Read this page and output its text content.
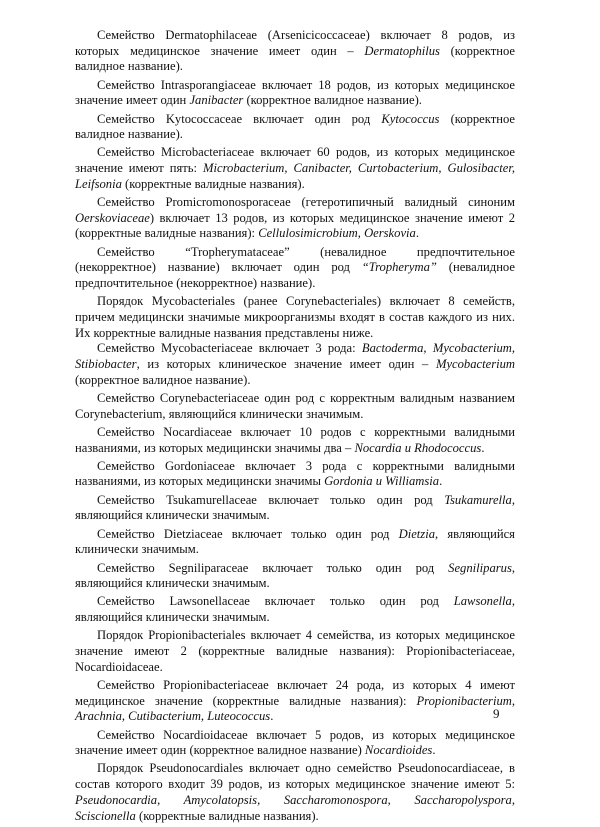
Семейство Dermatophilaceae (Arsenicicoccaceae) включает 8 родов, из которых медицинское значение имеет один – Dermatophilus (корректное валидное название).

Семейство Intrasporangiaceae включает 18 родов, из которых медицинское значение имеет один Janibacter (корректное валидное название).

Семейство Kytococcaceae включает один род Kytococcus (корректное валидное название).

Семейство Microbacteriaceae включает 60 родов, из которых медицинское значение имеют пять: Microbacterium, Canibacter, Curtobacterium, Gulosibacter, Leifsonia (корректные валидные названия).

Семейство Promicromonosporaceae (гетеротипичный валидный синоним Oerskoviaceae) включает 13 родов, из которых медицинское значение имеют 2 (корректные валидные названия): Cellulosimicrobium, Oerskovia.

Семейство “Tropherymataceae” (невалидное предпочтительное (некорректное) название) включает один род “Tropheryma” (невалидное предпочтительное (некорректное) название).

Порядок Mycobacteriales (ранее Corynebacteriales) включает 8 семейств, причем медицински значимые микроорганизмы входят в состав каждого из них. Их корректные валидные названия представлены ниже.

Семейство Mycobacteriaceae включает 3 рода: Bactoderma, Mycobacterium, Stibiobacter, из которых клиническое значение имеет один – Mycobacterium (корректное валидное название).

Семейство Corynebacteriaceae один род с корректным валидным названием Corynebacterium, являющийся клинически значимым.

Семейство Nocardiaceae включает 10 родов с корректными валидными названиями, из которых медицински значимы два – Nocardia и Rhodococcus.

Семейство Gordoniaceae включает 3 рода с корректными валидными названиями, из которых медицински значимы Gordonia и Williamsia.

Семейство Tsukamurellaceae включает только один род Tsukamurella, являющийся клинически значимым.

Семейство Dietziaceae включает только один род Dietzia, являющийся клинически значимым.

Семейство Segniliparaceae включает только один род Segniliparus, являющийся клинически значимым.

Семейство Lawsonellaceae включает только один род Lawsonella, являющийся клинически значимым.

Порядок Propionibacteriales включает 4 семейства, из которых медицинское значение имеют 2 (корректные валидные названия): Propionibacteriaceae, Nocardioidaceae.

Семейство Propionibacteriaceae включает 24 рода, из которых 4 имеют медицинское значение (корректные валидные названия): Propionibacterium, Arachnia, Cutibacterium, Luteococcus.

Семейство Nocardioidaceae включает 5 родов, из которых медицинское значение имеет один (корректное валидное название) Nocardioides.

Порядок Pseudonocardiales включает одно семейство Pseudonocardiaceae, в состав которого входит 39 родов, из которых медицинское значение имеют 5: Pseudonocardia, Amycolatopsis, Saccharomonospora, Saccharopolyspora, Sciscionella (корректные валидные названия).

9
